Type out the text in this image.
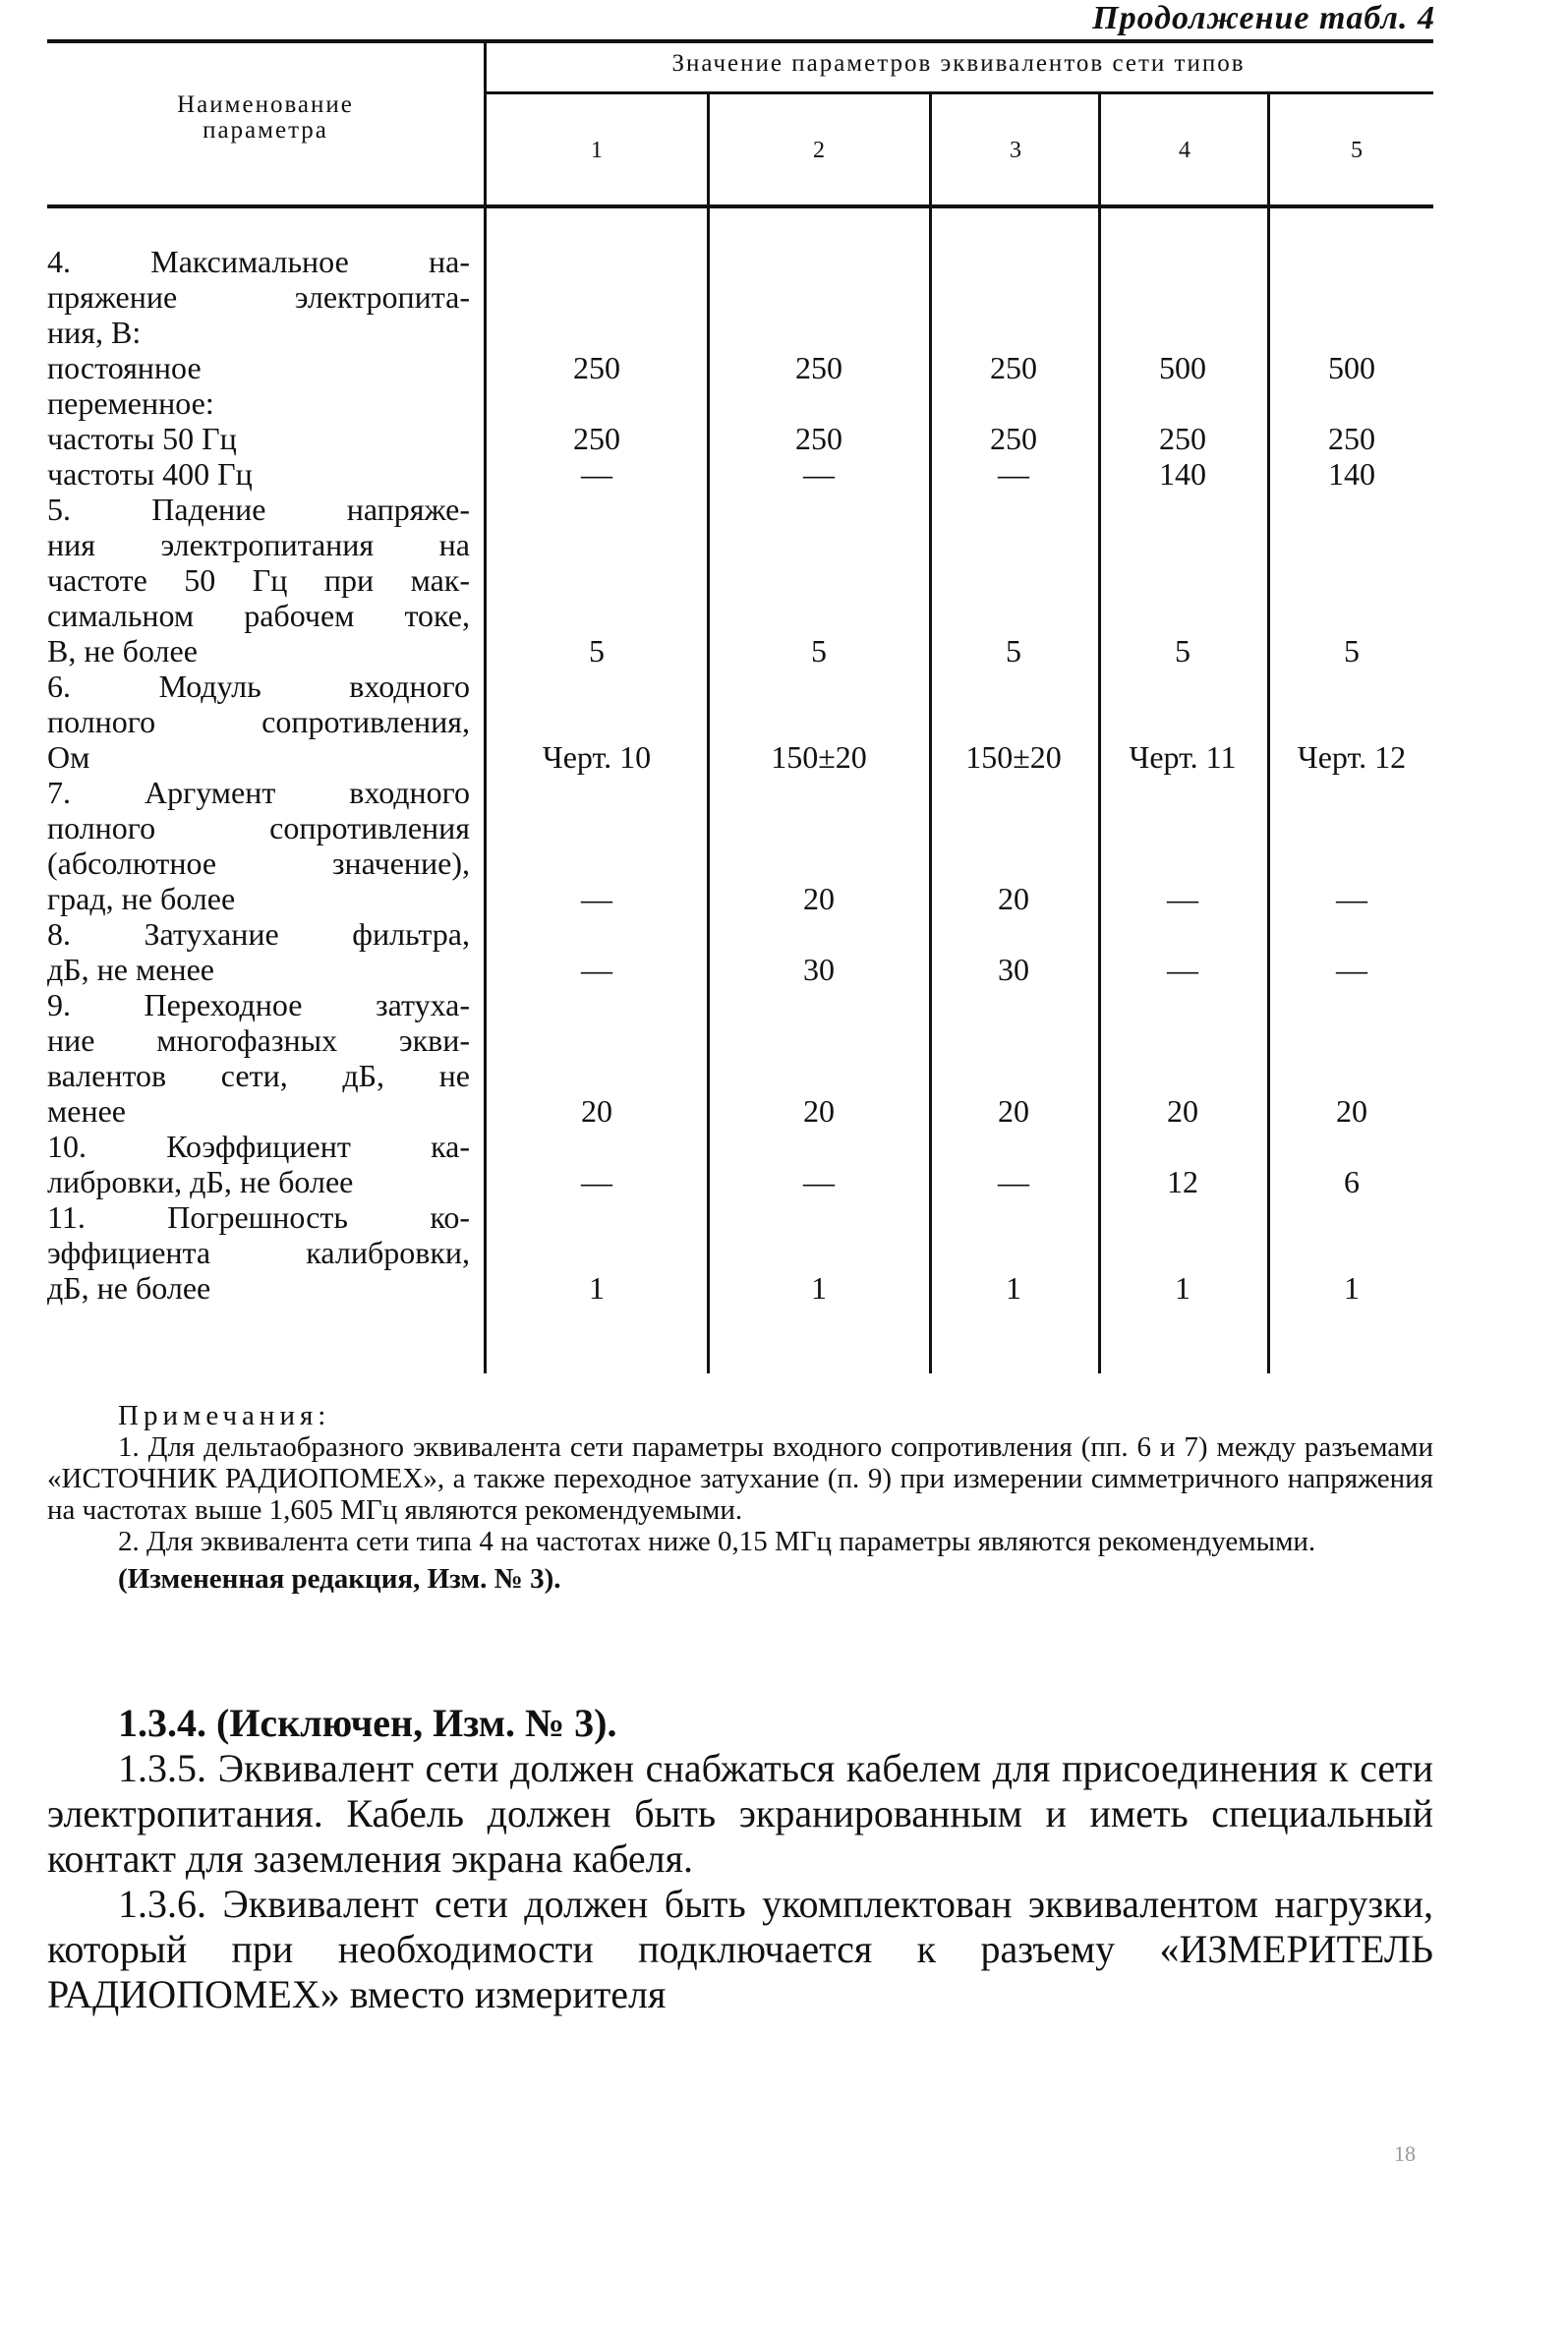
Продолжение табл. 4
Наименование параметра
Значение параметров эквивалентов сети типов
1	2	3	4	5
4. Максимальное на-
пряжение электропита-
ния, В:
постоянное	250	250	250	500	500
переменное:
частоты 50 Гц	250	250	250	250	250
частоты 400 Гц	—	—	—	140	140
5. Падение напряже-
ния электропитания на
частоте 50 Гц при мак-
симальном рабочем токе,
В, не более	5	5	5	5	5
6. Модуль входного
полного сопротивления,
Ом	Черт. 10	150±20	150±20	Черт. 11	Черт. 12
7. Аргумент входного
полного сопротивления
(абсолютное значение),
град, не более	—	20	20	—	—
8. Затухание фильтра,
дБ, не менее	—	30	30	—	—
9. Переходное затуха-
ние многофазных экви-
валентов сети, дБ, не
менее	20	20	20	20	20
10. Коэффициент ка-
либровки, дБ, не более	—	—	—	12	6
11. Погрешность ко-
эффициента калибровки,
дБ, не более	1	1	1	1	1
Примечания:

1. Для дельтаобразного эквивалента сети параметры входного сопротивления (пп. 6 и 7) между разъемами «ИСТОЧНИК РАДИОПОМЕХ», а также переходное затухание (п. 9) при измерении симметричного напряжения на частотах выше 1,605 МГц являются рекомендуемыми.

2. Для эквивалента сети типа 4 на частотах ниже 0,15 МГц параметры являются рекомендуемыми.

(Измененная редакция, Изм. № 3).

1.3.4. (Исключен, Изм. № 3).

1.3.5. Эквивалент сети должен снабжаться кабелем для присоединения к сети электропитания. Кабель должен быть экранированным и иметь специальный контакт для заземления экрана кабеля.

1.3.6. Эквивалент сети должен быть укомплектован эквивалентом нагрузки, который при необходимости подключается к разъему «ИЗМЕРИТЕЛЬ РАДИОПОМЕХ» вместо измерителя

18
